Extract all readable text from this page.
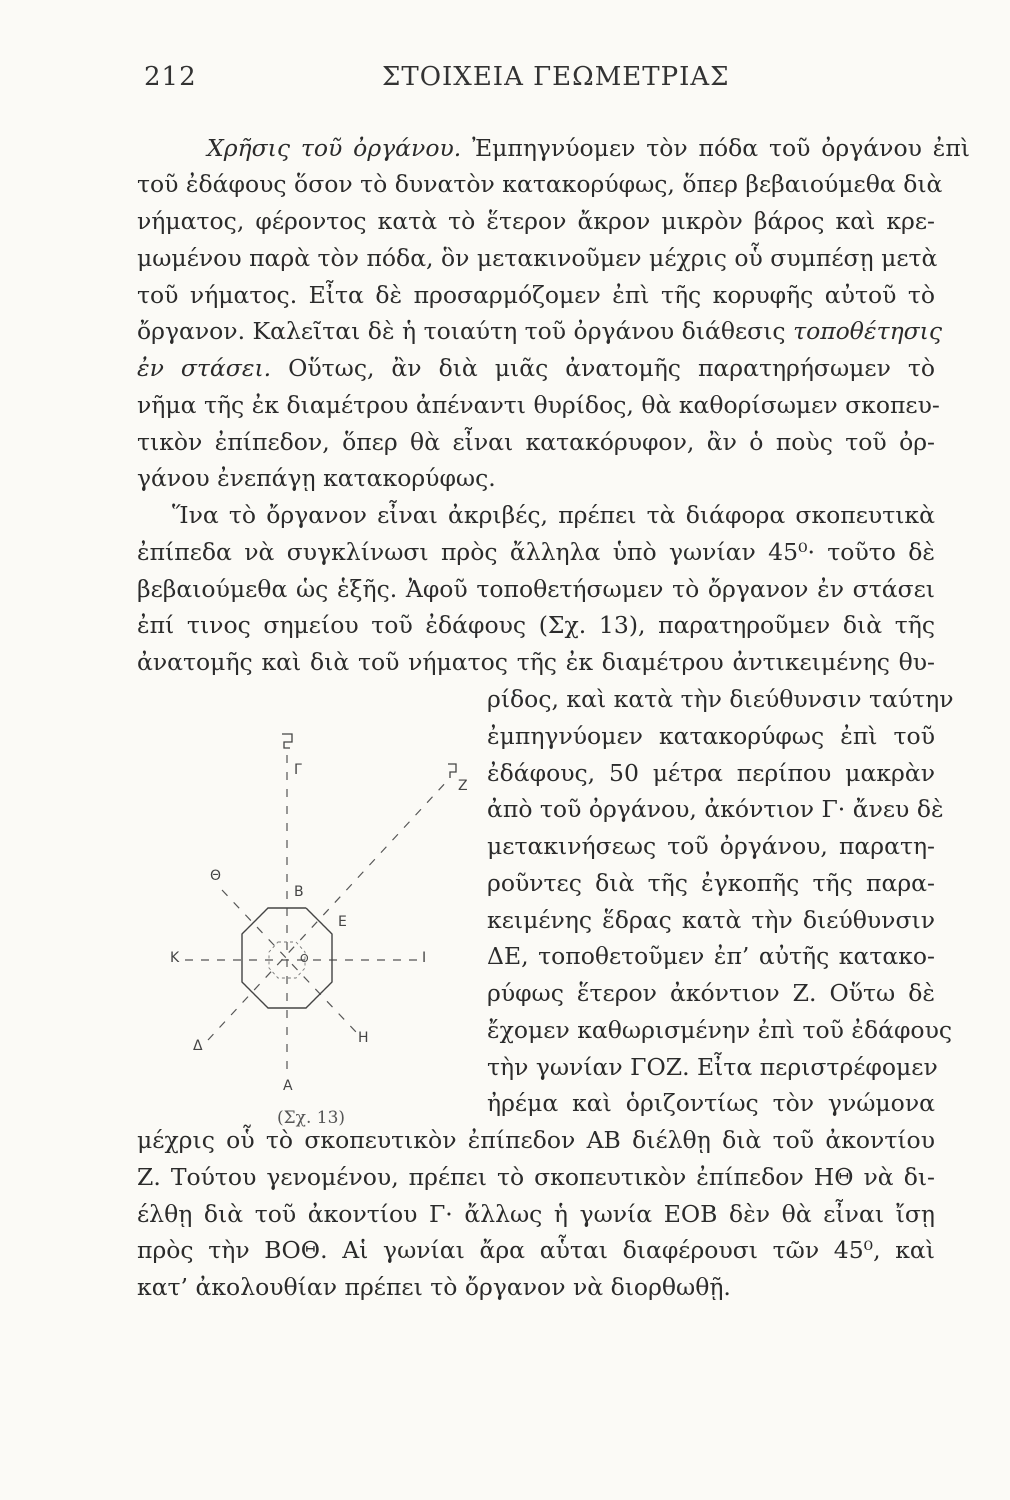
212	ΣΤΟΙΧΕΙΑ ΓΕΩΜΕΤΡΙΑΣ
Χρῆσις τοῦ ὀργάνου. Ἐμπηγνύομεν τὸν πόδα τοῦ ὀργάνου ἐπὶ
τοῦ ἐδάφους ὅσον τὸ δυνατὸν κατακορύφως, ὅπερ βεβαιούμεθα διὰ
νήματος, φέροντος κατὰ τὸ ἕτερον ἄκρον μικρὸν βάρος καὶ κρε-
μωμένου παρὰ τὸν πόδα, ὃν μετακινοῦμεν μέχρις οὗ συμπέσῃ μετὰ
τοῦ νήματος. Εἶτα δὲ προσαρμόζομεν ἐπὶ τῆς κορυφῆς αὐτοῦ τὸ
ὄργανον. Καλεῖται δὲ ἡ τοιαύτη τοῦ ὀργάνου διάθεσις τοποθέτησις
ἐν στάσει. Οὕτως, ἂν διὰ μιᾶς ἀνατομῆς παρατηρήσωμεν τὸ
νῆμα τῆς ἐκ διαμέτρου ἀπέναντι θυρίδος, θὰ καθορίσωμεν σκοπευ-
τικὸν ἐπίπεδον, ὅπερ θὰ εἶναι κατακόρυφον, ἂν ὁ ποὺς τοῦ ὀρ-
γάνου ἐνεπάγῃ κατακορύφως.
Ἵνα τὸ ὄργανον εἶναι ἀκριβές, πρέπει τὰ διάφορα σκοπευτικὰ
ἐπίπεδα νὰ συγκλίνωσι πρὸς ἄλληλα ὑπὸ γωνίαν 45⁰· τοῦτο δὲ
βεβαιούμεθα ὡς ἑξῆς. Ἀφοῦ τοποθετήσωμεν τὸ ὄργανον ἐν στάσει
ἐπί τινος σημείου τοῦ ἐδάφους (Σχ. 13), παρατηροῦμεν διὰ τῆς
ἀνατομῆς καὶ διὰ τοῦ νήματος τῆς ἐκ διαμέτρου ἀντικειμένης θυ-
ρίδος, καὶ κατὰ τὴν διεύθυνσιν ταύτην
ἐμπηγνύομεν κατακορύφως ἐπὶ τοῦ
ἐδάφους, 50 μέτρα περίπου μακρὰν
ἀπὸ τοῦ ὀργάνου, ἀκόντιον Γ· ἄνευ δὲ
μετακινήσεως τοῦ ὀργάνου, παρατη-
ροῦντες διὰ τῆς ἐγκοπῆς τῆς παρα-
κειμένης ἕδρας κατὰ τὴν διεύθυνσιν
ΔΕ, τοποθετοῦμεν ἐπ’ αὐτῆς κατακο-
ρύφως ἕτερον ἀκόντιον Ζ. Οὕτω δὲ
ἔχομεν καθωρισμένην ἐπὶ τοῦ ἐδάφους
τὴν γωνίαν ΓΟΖ. Εἶτα περιστρέφομεν
ἠρέμα καὶ ὁριζοντίως τὸν γνώμονα
μέχρις οὗ τὸ σκοπευτικὸν ἐπίπεδον ΑΒ διέλθῃ διὰ τοῦ ἀκοντίου
Ζ. Τούτου γενομένου, πρέπει τὸ σκοπευτικὸν ἐπίπεδον ΗΘ νὰ δι-
έλθῃ διὰ τοῦ ἀκοντίου Γ· ἄλλως ἡ γωνία ΕΟΒ δὲν θὰ εἶναι ἴσῃ
πρὸς τὴν ΒΟΘ. Αἱ γωνίαι ἄρα αὗται διαφέρουσι τῶν 45⁰, καὶ
κατ’ ἀκολουθίαν πρέπει τὸ ὄργανον νὰ διορθωθῇ.
Γ
Z
Θ
B
E
K	O	I
Δ	H
A
(Σχ. 13)
